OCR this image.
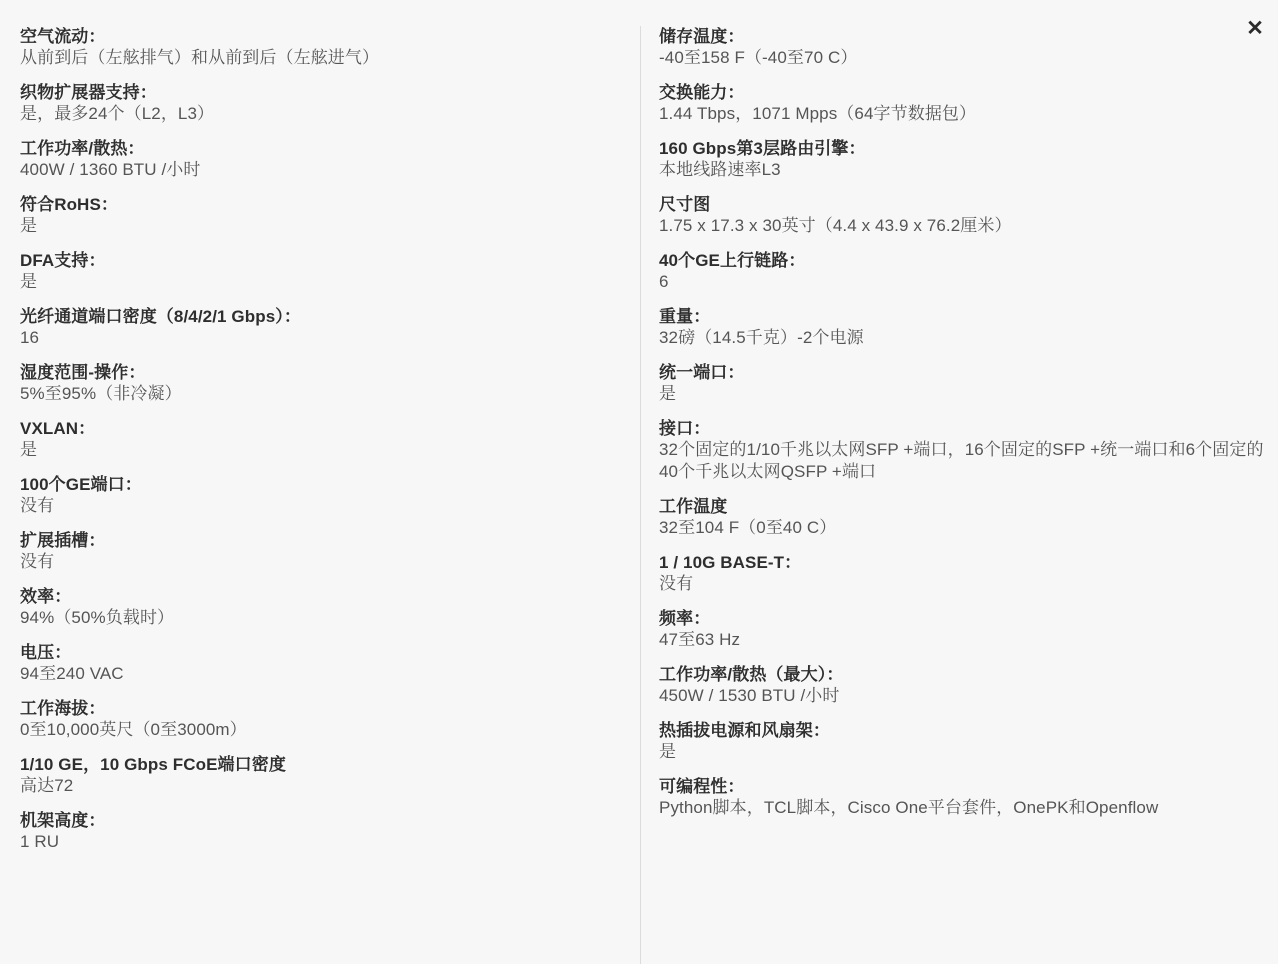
空气流动：
从前到后（左舷排气）和从前到后（左舷进气）
织物扩展器支持：
是，最多24个（L2，L3）
工作功率/散热：
400W / 1360 BTU /小时
符合RoHS：
是
DFA支持：
是
光纤通道端口密度（8/4/2/1 Gbps）：
16
湿度范围-操作：
5%至95%（非冷凝）
VXLAN：
是
100个GE端口：
没有
扩展插槽：
没有
效率：
94%（50%负载时）
电压：
94至240 VAC
工作海拔：
0至10,000英尺（0至3000m）
1/10 GE，10 Gbps FCoE端口密度
高达72
机架高度：
1 RU
储存温度：
-40至158 F（-40至70 C）
交换能力：
1.44 Tbps，1071 Mpps（64字节数据包）
160 Gbps第3层路由引擎：
本地线路速率L3
尺寸图
1.75 x 17.3 x 30英寸（4.4 x 43.9 x 76.2厘米）
40个GE上行链路：
6
重量：
32磅（14.5千克）-2个电源
统一端口：
是
接口：
32个固定的1/10千兆以太网SFP +端口，16个固定的SFP +统一端口和6个固定的40个千兆以太网QSFP +端口
工作温度
32至104 F（0至40 C）
1 / 10G BASE-T：
没有
频率：
47至63 Hz
工作功率/散热（最大）：
450W / 1530 BTU /小时
热插拔电源和风扇架：
是
可编程性：
Python脚本，TCL脚本，Cisco One平台套件，OnePK和Openflow
✕
